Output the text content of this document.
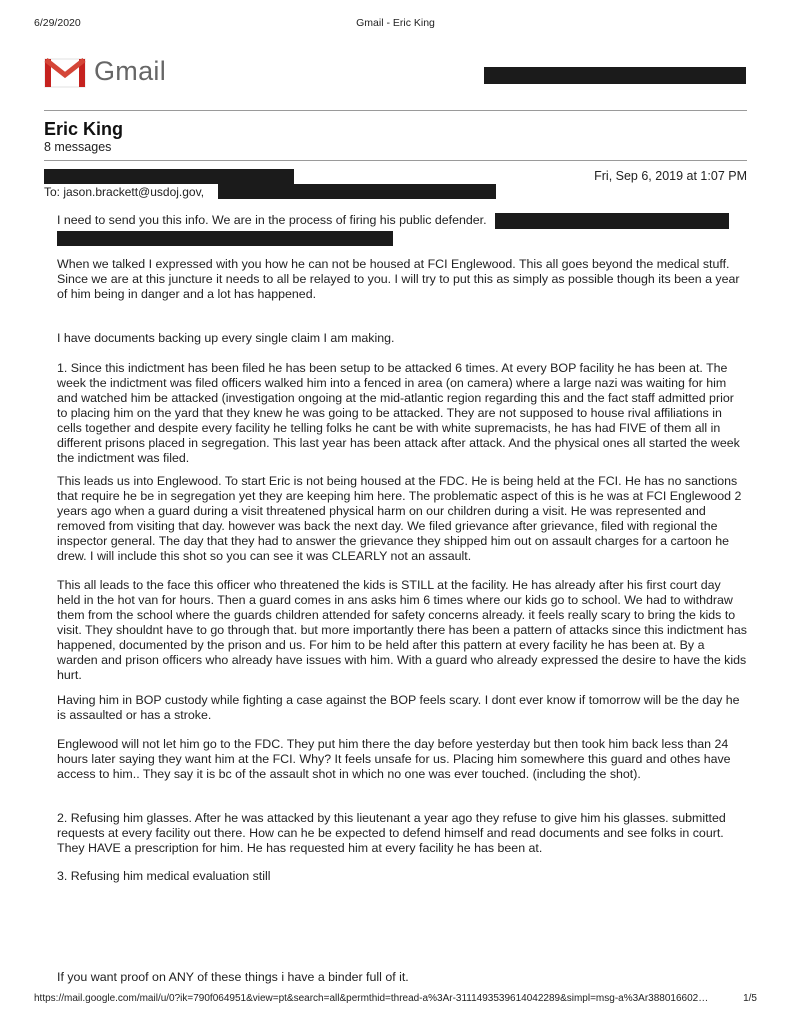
6/29/2020	Gmail - Eric King
Gmail
Eric King
8 messages
Fri, Sep 6, 2019 at 1:07 PM
To: jason.brackett@usdoj.gov,

I need to send you this info. We are in the process of firing his public defender.

When we talked I expressed with you how he can not be housed at FCI Englewood. This all goes beyond the medical stuff. Since we are at this juncture it needs to all be relayed to you. I will try to put this as simply as possible though its been a year of him being in danger and a lot has happened.

I have documents backing up every single claim I am making.

1. Since this indictment has been filed he has been setup to be attacked 6 times. At every BOP facility he has been at. The week the indictment was filed officers walked him into a fenced in area (on camera) where a large nazi was waiting for him and watched him be attacked (investigation ongoing at the mid-atlantic region regarding this and the fact staff admitted prior to placing him on the yard that they knew he was going to be attacked. They are not supposed to house rival affiliations in cells together and despite every facility he telling folks he cant be with white supremacists, he has had FIVE of them all in different prisons placed in segregation. This last year has been attack after attack. And the physical ones all started the week the indictment was filed.

This leads us into Englewood. To start Eric is not being housed at the FDC. He is being held at the FCI. He has no sanctions that require he be in segregation yet they are keeping him here. The problematic aspect of this is he was at FCI Englewood 2 years ago when a guard during a visit threatened physical harm on our children during a visit. He was represented and removed from visiting that day. however was back the next day. We filed grievance after grievance, filed with regional the inspector general. The day that they had to answer the grievance they shipped him out on assault charges for a cartoon he drew. I will include this shot so you can see it was CLEARLY not an assault.

This all leads to the face this officer who threatened the kids is STILL at the facility. He has already after his first court day held in the hot van for hours. Then a guard comes in ans asks him 6 times where our kids go to school. We had to withdraw them from the school where the guards children attended for safety concerns already. it feels really scary to bring the kids to visit. They shouldnt have to go through that. but more importantly there has been a pattern of attacks since this indictment has happened, documented by the prison and us. For him to be held after this pattern at every facility he has been at. By a warden and prison officers who already have issues with him. With a guard who already expressed the desire to have the kids hurt.

Having him in BOP custody while fighting a case against the BOP feels scary. I dont ever know if tomorrow will be the day he is assaulted or has a stroke.

Englewood will not let him go to the FDC. They put him there the day before yesterday but then took him back less than 24 hours later saying they want him at the FCI. Why? It feels unsafe for us. Placing him somewhere this guard and othes have access to him.. They say it is bc of the assault shot in which no one was ever touched. (including the shot).

2. Refusing him glasses. After he was attacked by this lieutenant a year ago they refuse to give him his glasses. submitted requests at every facility out there. How can he be expected to defend himself and read documents and see folks in court. They HAVE a prescription for him. He has requested him at every facility he has been at.

3. Refusing him medical evaluation still

If you want proof on ANY of these things i have a binder full of it.

https://mail.google.com/mail/u/0?ik=790f064951&view=pt&search=all&permthid=thread-a%3Ar-3111493539614042289&simpl=msg-a%3Ar388016602…	1/5
